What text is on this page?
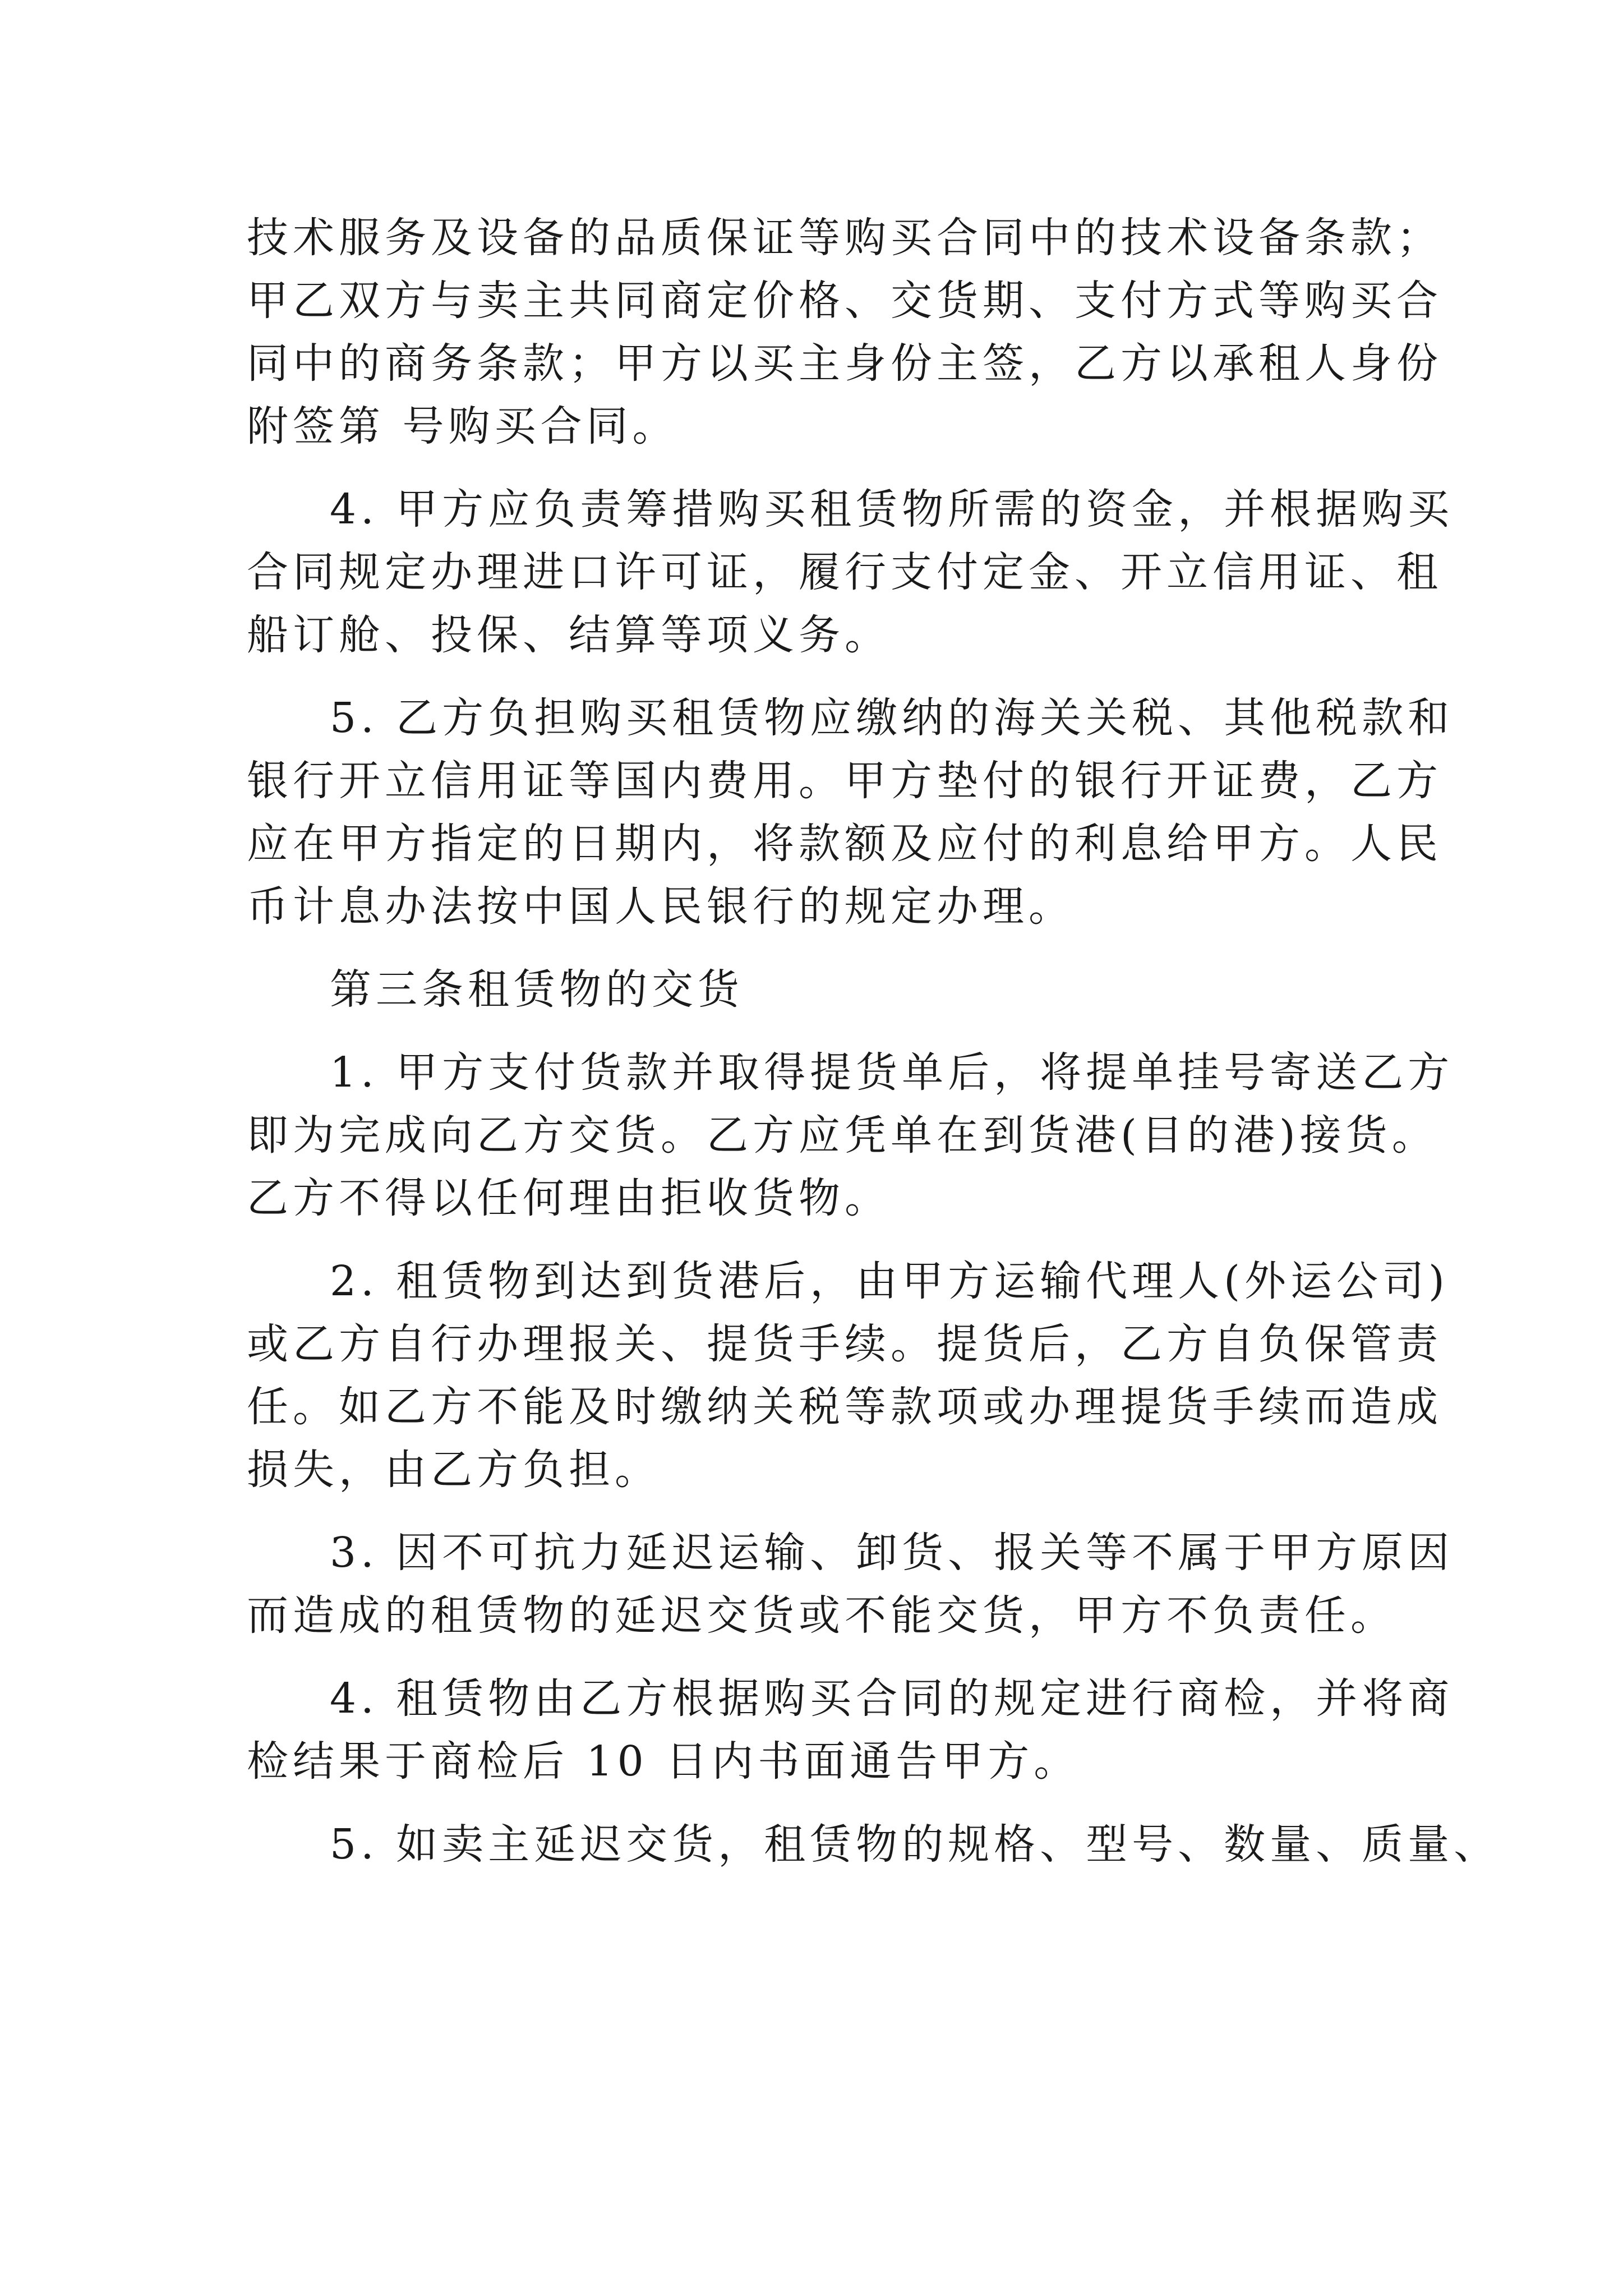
技术服务及设备的品质保证等购买合同中的技术设备条款；
甲乙双方与卖主共同商定价格、交货期、支付方式等购买合
同中的商务条款；甲方以买主身份主签，乙方以承租人身份
附签第 号购买合同。
4. 甲方应负责筹措购买租赁物所需的资金，并根据购买
合同规定办理进口许可证，履行支付定金、开立信用证、租
船订舱、投保、结算等项义务。
5. 乙方负担购买租赁物应缴纳的海关关税、其他税款和
银行开立信用证等国内费用。甲方垫付的银行开证费，乙方
应在甲方指定的日期内，将款额及应付的利息给甲方。人民
币计息办法按中国人民银行的规定办理。
第三条租赁物的交货
1. 甲方支付货款并取得提货单后，将提单挂号寄送乙方
即为完成向乙方交货。乙方应凭单在到货港(目的港)接货。
乙方不得以任何理由拒收货物。
2. 租赁物到达到货港后，由甲方运输代理人(外运公司)
或乙方自行办理报关、提货手续。提货后，乙方自负保管责
任。如乙方不能及时缴纳关税等款项或办理提货手续而造成
损失，由乙方负担。
3. 因不可抗力延迟运输、卸货、报关等不属于甲方原因
而造成的租赁物的延迟交货或不能交货，甲方不负责任。
4. 租赁物由乙方根据购买合同的规定进行商检，并将商
检结果于商检后 10 日内书面通告甲方。
5. 如卖主延迟交货，租赁物的规格、型号、数量、质量、
